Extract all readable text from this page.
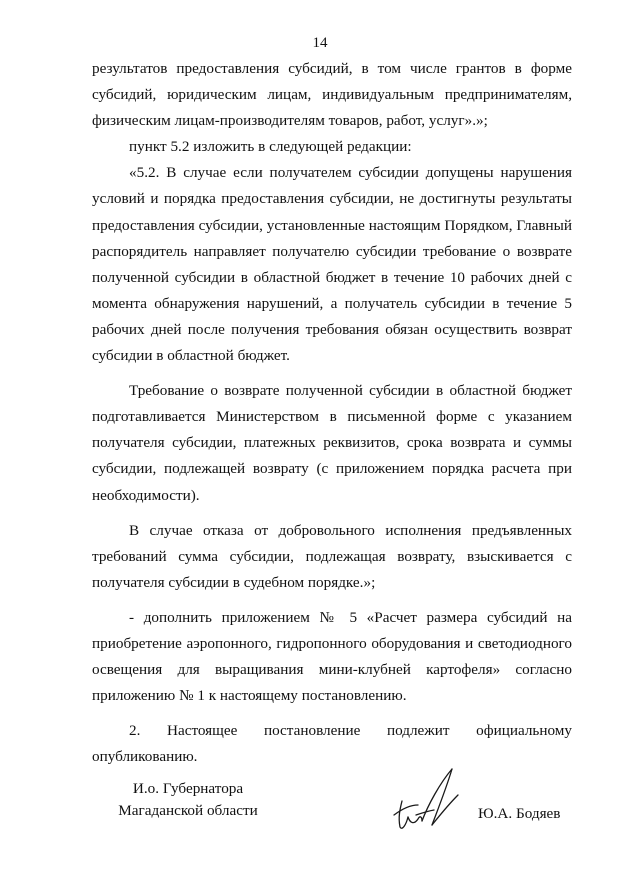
14

результатов предоставления субсидий, в том числе грантов в форме субсидий, юридическим лицам, индивидуальным предпринимателям, физическим лицам-производителям товаров, работ, услуг».»;

пункт 5.2 изложить в следующей редакции:

«5.2. В случае если получателем субсидии допущены нарушения условий и порядка предоставления субсидии, не достигнуты результаты предоставления субсидии, установленные настоящим Порядком, Главный распорядитель направляет получателю субсидии требование о возврате полученной субсидии в областной бюджет в течение 10 рабочих дней с момента обнаружения нарушений, а получатель субсидии в течение 5 рабочих дней после получения требования обязан осуществить возврат субсидии в областной бюджет.

Требование о возврате полученной субсидии в областной бюджет подготавливается Министерством в письменной форме с указанием получателя субсидии, платежных реквизитов, срока возврата и суммы субсидии, подлежащей возврату (с приложением порядка расчета при необходимости).

В случае отказа от добровольного исполнения предъявленных требований сумма субсидии, подлежащая возврату, взыскивается с получателя субсидии в судебном порядке.»;

- дополнить приложением № 5 «Расчет размера субсидий на приобретение аэропонного, гидропонного оборудования и светодиодного освещения для выращивания мини-клубней картофеля» согласно приложению № 1 к настоящему постановлению.

2. Настоящее постановление подлежит официальному опубликованию.

И.о. Губернатора
Магаданской области	Ю.А. Бодяев
